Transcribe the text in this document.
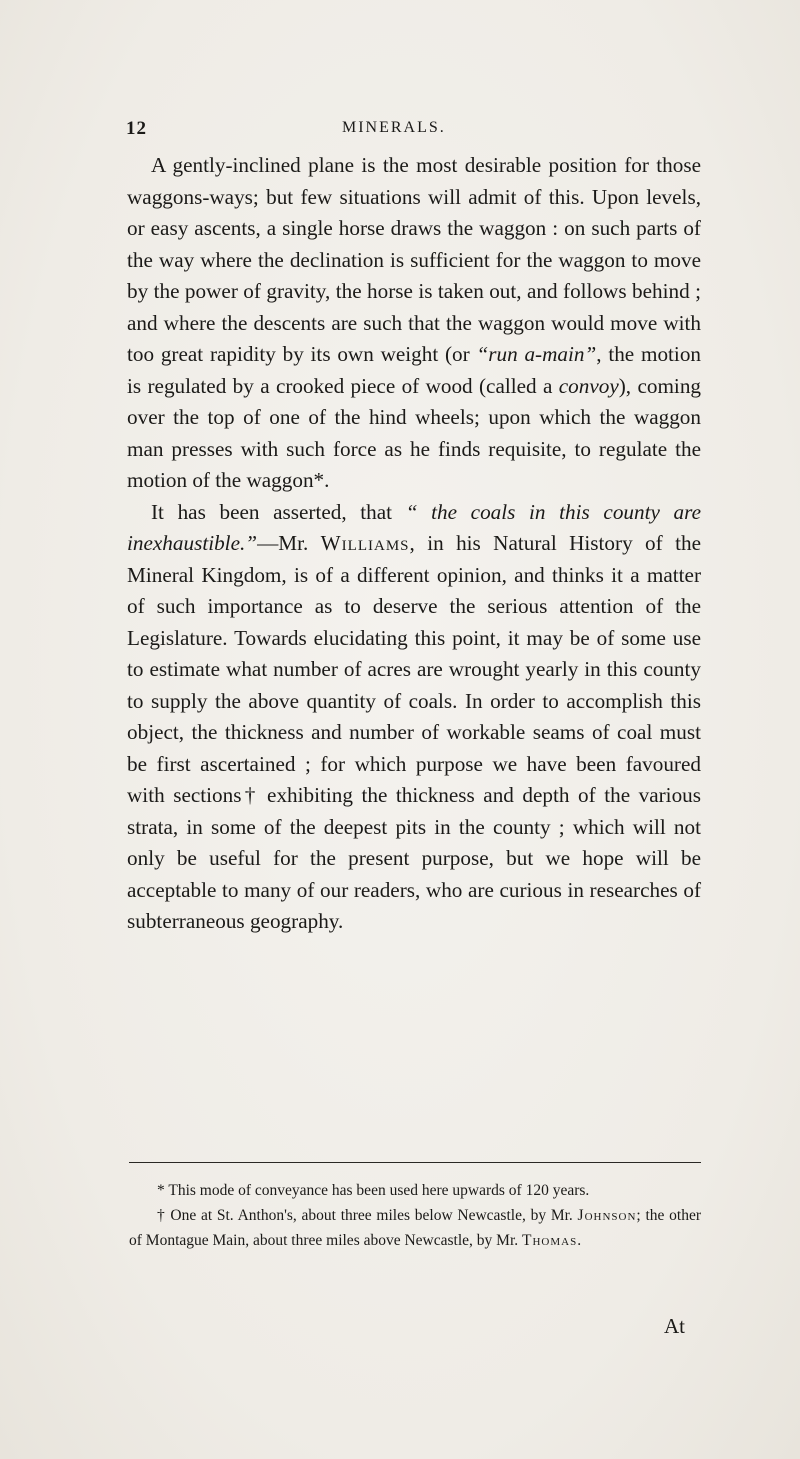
12	MINERALS.

A gently-inclined plane is the most desirable position for those waggons-ways; but few situations will admit of this. Upon levels, or easy ascents, a single horse draws the waggon : on such parts of the way where the declination is sufficient for the waggon to move by the power of gravity, the horse is taken out, and follows behind ; and where the descents are such that the waggon would move with too great rapidity by its own weight (or “run a-main”, the motion is regulated by a crooked piece of wood (called a convoy), coming over the top of one of the hind wheels; upon which the waggon man presses with such force as he finds requisite, to regulate the motion of the waggon*.

It has been asserted, that “ the coals in this county are inexhaustible.”—Mr. Williams, in his Natural History of the Mineral Kingdom, is of a different opinion, and thinks it a matter of such importance as to deserve the serious attention of the Legislature. Towards elucidating this point, it may be of some use to estimate what number of acres are wrought yearly in this county to supply the above quantity of coals. In order to accomplish this object, the thickness and number of workable seams of coal must be first ascertained ; for which purpose we have been favoured with sections† exhibiting the thickness and depth of the various strata, in some of the deepest pits in the county ; which will not only be useful for the present purpose, but we hope will be acceptable to many of our readers, who are curious in researches of subterraneous geography.

* This mode of conveyance has been used here upwards of 120 years.

† One at St. Anthon's, about three miles below Newcastle, by Mr. Johnson; the other of Montague Main, about three miles above Newcastle, by Mr. Thomas.

At
